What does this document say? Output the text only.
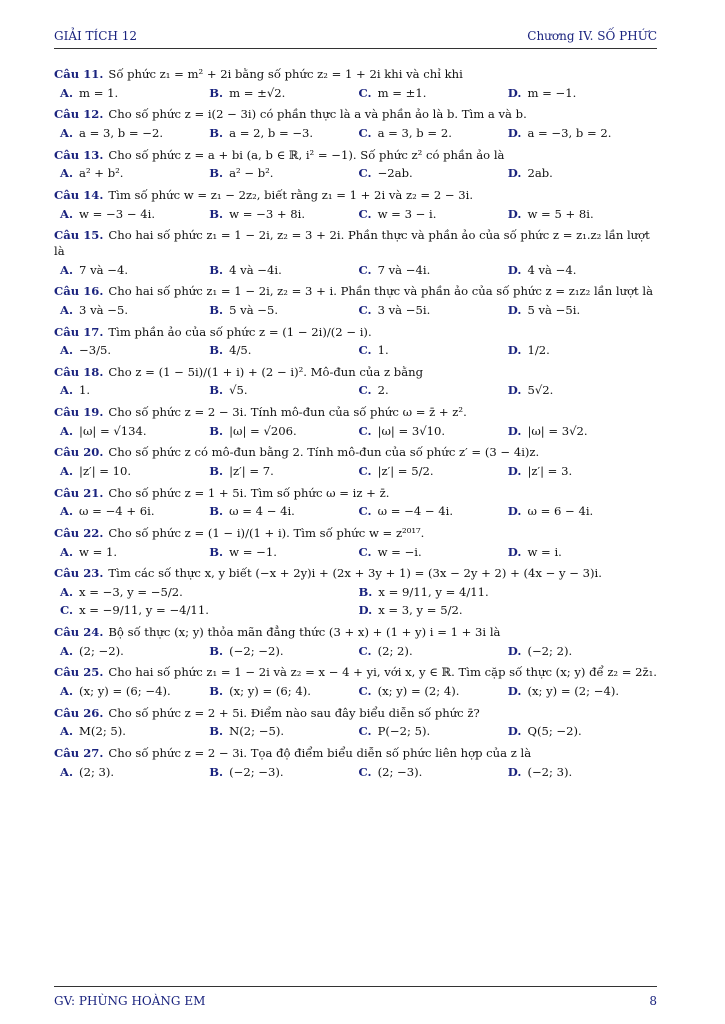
GIẢI TÍCH 12	Chương IV. SỐ PHỨC
Câu 11. Số phức z₁ = m² + 2i bằng số phức z₂ = 1 + 2i khi và chỉ khi
A. m = 1.	B. m = ±√2.	C. m = ±1.	D. m = −1.
Câu 12. Cho số phức z = i(2 − 3i) có phần thực là a và phần ảo là b. Tìm a và b.
A. a = 3, b = −2.	B. a = 2, b = −3.	C. a = 3, b = 2.	D. a = −3, b = 2.
Câu 13. Cho số phức z = a + bi (a, b ∈ ℝ, i² = −1). Số phức z² có phần ảo là
A. a² + b².	B. a² − b².	C. −2ab.	D. 2ab.
Câu 14. Tìm số phức w = z₁ − 2z₂, biết rằng z₁ = 1 + 2i và z₂ = 2 − 3i.
A. w = −3 − 4i.	B. w = −3 + 8i.	C. w = 3 − i.	D. w = 5 + 8i.
Câu 15. Cho hai số phức z₁ = 1 − 2i, z₂ = 3 + 2i. Phần thực và phần ảo của số phức z = z₁.z₂ lần lượt là
A. 7 và −4.	B. 4 và −4i.	C. 7 và −4i.	D. 4 và −4.
Câu 16. Cho hai số phức z₁ = 1 − 2i, z₂ = 3 + i. Phần thực và phần ảo của số phức z = z₁z₂ lần lượt là
A. 3 và −5.	B. 5 và −5.	C. 3 và −5i.	D. 5 và −5i.
Câu 17. Tìm phần ảo của số phức z = (1 − 2i)/(2 − i).
A. −3/5.	B. 4/5.	C. 1.	D. 1/2.
Câu 18. Cho z = (1 − 5i)/(1 + i) + (2 − i)². Mô-đun của z bằng
A. 1.	B. √5.	C. 2.	D. 5√2.
Câu 19. Cho số phức z = 2 − 3i. Tính mô-đun của số phức ω = z̄ + z².
A. |ω| = √134.	B. |ω| = √206.	C. |ω| = 3√10.	D. |ω| = 3√2.
Câu 20. Cho số phức z có mô-đun bằng 2. Tính mô-đun của số phức z′ = (3 − 4i)z.
A. |z′| = 10.	B. |z′| = 7.	C. |z′| = 5/2.	D. |z′| = 3.
Câu 21. Cho số phức z = 1 + 5i. Tìm số phức ω = iz + z̄.
A. ω = −4 + 6i.	B. ω = 4 − 4i.	C. ω = −4 − 4i.	D. ω = 6 − 4i.
Câu 22. Cho số phức z = (1 − i)/(1 + i). Tìm số phức w = z²⁰¹⁷.
A. w = 1.	B. w = −1.	C. w = −i.	D. w = i.
Câu 23. Tìm các số thực x, y biết (−x + 2y)i + (2x + 3y + 1) = (3x − 2y + 2) + (4x − y − 3)i.
A. x = −3, y = −5/2.	B. x = 9/11, y = 4/11.
C. x = −9/11, y = −4/11.	D. x = 3, y = 5/2.
Câu 24. Bộ số thực (x; y) thỏa mãn đẳng thức (3 + x) + (1 + y) i = 1 + 3i là
A. (2; −2).	B. (−2; −2).	C. (2; 2).	D. (−2; 2).
Câu 25. Cho hai số phức z₁ = 1 − 2i và z₂ = x − 4 + yi, với x, y ∈ ℝ. Tìm cặp số thực (x; y) để z₂ = 2z̄₁.
A. (x; y) = (6; −4).	B. (x; y) = (6; 4).	C. (x; y) = (2; 4).	D. (x; y) = (2; −4).
Câu 26. Cho số phức z = 2 + 5i. Điểm nào sau đây biểu diễn số phức z̄?
A. M(2; 5).	B. N(2; −5).	C. P(−2; 5).	D. Q(5; −2).
Câu 27. Cho số phức z = 2 − 3i. Tọa độ điểm biểu diễn số phức liên hợp của z là
A. (2; 3).	B. (−2; −3).	C. (2; −3).	D. (−2; 3).
GV: PHÙNG HOÀNG EM	8
